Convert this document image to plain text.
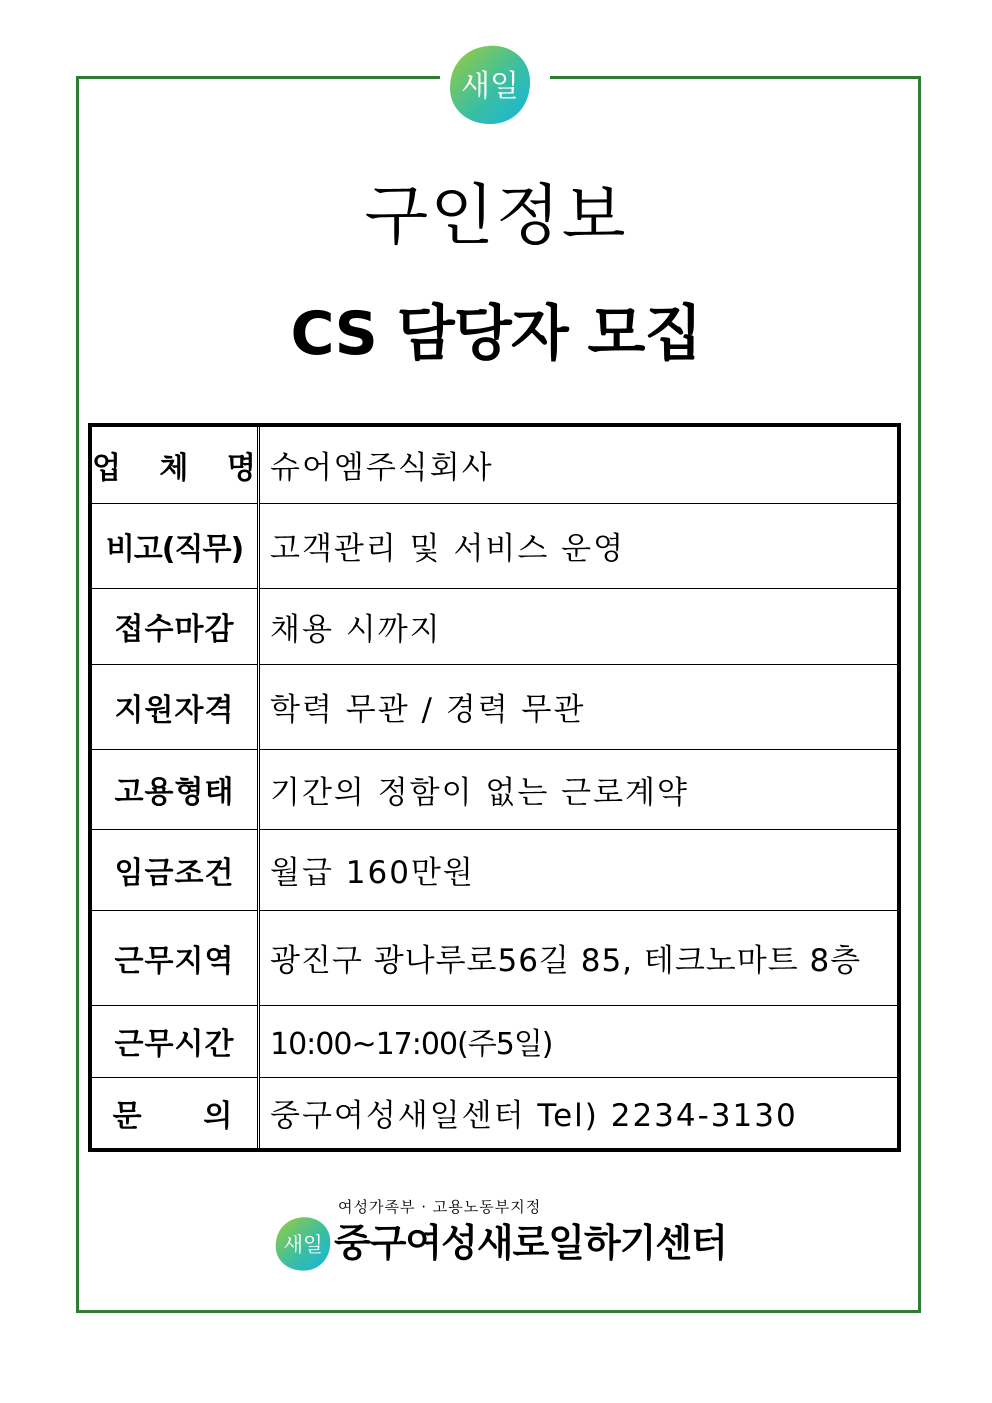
새일
구인정보
CS 담당자 모집
업 체 명	슈어엠주식회사
비고(직무)	고객관리 및 서비스 운영
접수마감	채용 시까지
지원자격	학력 무관 / 경력 무관
고용형태	기간의 정함이 없는 근로계약
임금조건	월급 160만원
근무지역	광진구 광나루로56길 85, 테크노마트 8층
근무시간	10:00~17:00(주5일)
문    의	중구여성새일센터 Tel) 2234-3130
여성가족부 · 고용노동부지정
새일 중구여성새로일하기센터
